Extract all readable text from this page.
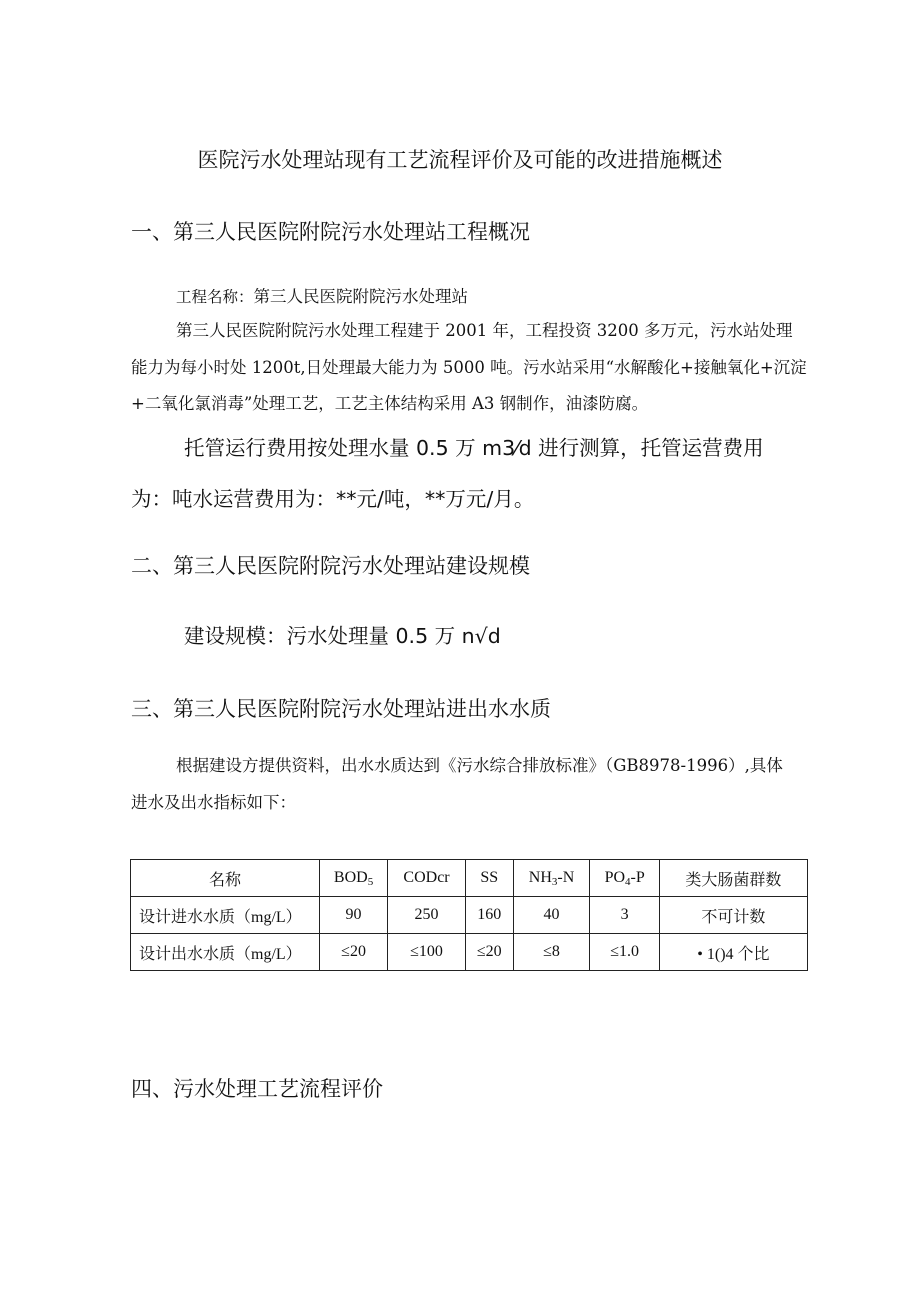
医院污水处理站现有工艺流程评价及可能的改进措施概述
一、第三人民医院附院污水处理站工程概况
工程名称：第三人民医院附院污水处理站
第三人民医院附院污水处理工程建于 2001 年，工程投资 3200 多万元，污水站处理
能力为每小时处 1200t,日处理最大能力为 5000 吨。污水站采用“水解酸化+接触氧化+沉淀
+二氧化氯消毒”处理工艺，工艺主体结构采用 A3 钢制作，油漆防腐。
托管运行费用按处理水量 0.5 万 m3⁄d 进行测算，托管运营费用
为：吨水运营费用为：**元/吨，**万元/月。
二、第三人民医院附院污水处理站建设规模
建设规模：污水处理量 0.5 万 n√d
三、第三人民医院附院污水处理站进出水水质
根据建设方提供资料，出水水质达到《污水综合排放标准》（GB8978-1996）,具体
进水及出水指标如下：
名称	$BOD_5$	CODcr	SS	$NH_3-N$	$PO_4-P$	类大肠菌群数
设计进水水质（mg/L）	90	250	160	40	3	不可计数
设计出水水质（mg/L）	≤20	≤100	≤20	≤8	≤1.0	• 1()4 个比
四、污水处理工艺流程评价
